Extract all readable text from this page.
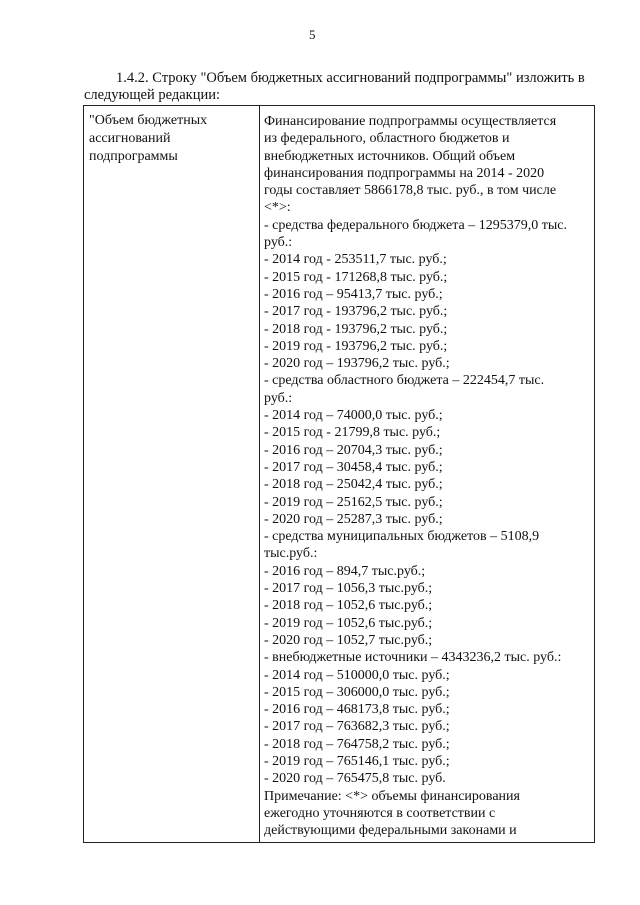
5
1.4.2. Строку "Объем бюджетных ассигнований подпрограммы" изложить в следующей редакции:
"Объем бюджетных
ассигнований
подпрограммы
Финансирование подпрограммы осуществляется
из федерального, областного бюджетов и
внебюджетных источников. Общий объем
финансирования подпрограммы на 2014 - 2020
годы составляет 5866178,8 тыс. руб., в том числе
<*>:
- средства федерального бюджета – 1295379,0 тыс.
руб.:
- 2014 год - 253511,7 тыс. руб.;
- 2015 год - 171268,8 тыс. руб.;
- 2016 год – 95413,7 тыс. руб.;
- 2017 год - 193796,2 тыс. руб.;
- 2018 год - 193796,2 тыс. руб.;
- 2019 год - 193796,2 тыс. руб.;
- 2020 год – 193796,2 тыс. руб.;
- средства областного бюджета – 222454,7 тыс.
руб.:
- 2014 год – 74000,0 тыс. руб.;
- 2015 год - 21799,8 тыс. руб.;
- 2016 год – 20704,3 тыс. руб.;
- 2017 год – 30458,4 тыс. руб.;
- 2018 год – 25042,4 тыс. руб.;
- 2019 год – 25162,5 тыс. руб.;
- 2020 год – 25287,3 тыс. руб.;
- средства муниципальных бюджетов – 5108,9
тыс.руб.:
- 2016 год – 894,7 тыс.руб.;
- 2017 год – 1056,3 тыс.руб.;
- 2018 год – 1052,6 тыс.руб.;
- 2019 год – 1052,6 тыс.руб.;
- 2020 год – 1052,7 тыс.руб.;
- внебюджетные источники – 4343236,2 тыс. руб.:
- 2014 год – 510000,0 тыс. руб.;
- 2015 год – 306000,0 тыс. руб.;
- 2016 год – 468173,8 тыс. руб.;
- 2017 год – 763682,3 тыс. руб.;
- 2018 год – 764758,2 тыс. руб.;
- 2019 год – 765146,1 тыс. руб.;
- 2020 год – 765475,8 тыс. руб.
Примечание: <*> объемы финансирования
ежегодно уточняются в соответствии с
действующими федеральными законами и
